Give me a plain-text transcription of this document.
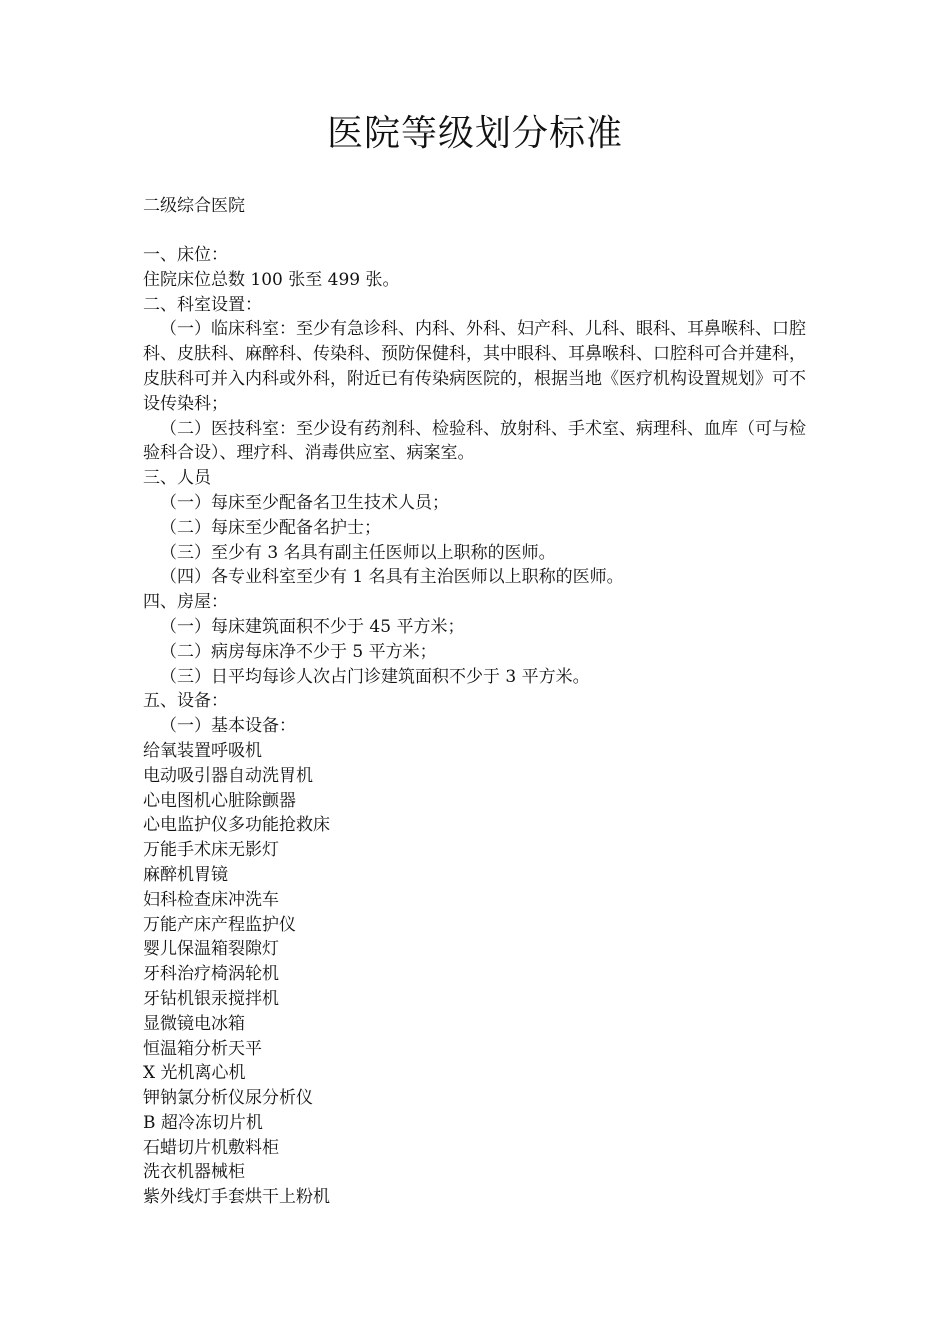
医院等级划分标准
二级综合医院

一、床位：

住院床位总数 100 张至 499 张。

二、科室设置：

（一）临床科室：至少有急诊科、内科、外科、妇产科、儿科、眼科、耳鼻喉科、口腔科、皮肤科、麻醉科、传染科、预防保健科，其中眼科、耳鼻喉科、口腔科可合并建科，皮肤科可并入内科或外科，附近已有传染病医院的，根据当地《医疗机构设置规划》可不设传染科；

（二）医技科室：至少设有药剂科、检验科、放射科、手术室、病理科、血库（可与检验科合设）、理疗科、消毒供应室、病案室。

三、人员

（一）每床至少配备名卫生技术人员；

（二）每床至少配备名护士；

（三）至少有 3 名具有副主任医师以上职称的医师。

（四）各专业科室至少有 1 名具有主治医师以上职称的医师。

四、房屋：

（一）每床建筑面积不少于 45 平方米；

（二）病房每床净不少于 5 平方米；

（三）日平均每诊人次占门诊建筑面积不少于 3 平方米。

五、设备：

（一）基本设备：

给氧装置呼吸机

电动吸引器自动洗胃机

心电图机心脏除颤器

心电监护仪多功能抢救床

万能手术床无影灯

麻醉机胃镜

妇科检查床冲洗车

万能产床产程监护仪

婴儿保温箱裂隙灯

牙科治疗椅涡轮机

牙钻机银汞搅拌机

显微镜电冰箱

恒温箱分析天平

X 光机离心机

钾钠氯分析仪尿分析仪

B 超冷冻切片机

石蜡切片机敷料柜

洗衣机器械柜

紫外线灯手套烘干上粉机
